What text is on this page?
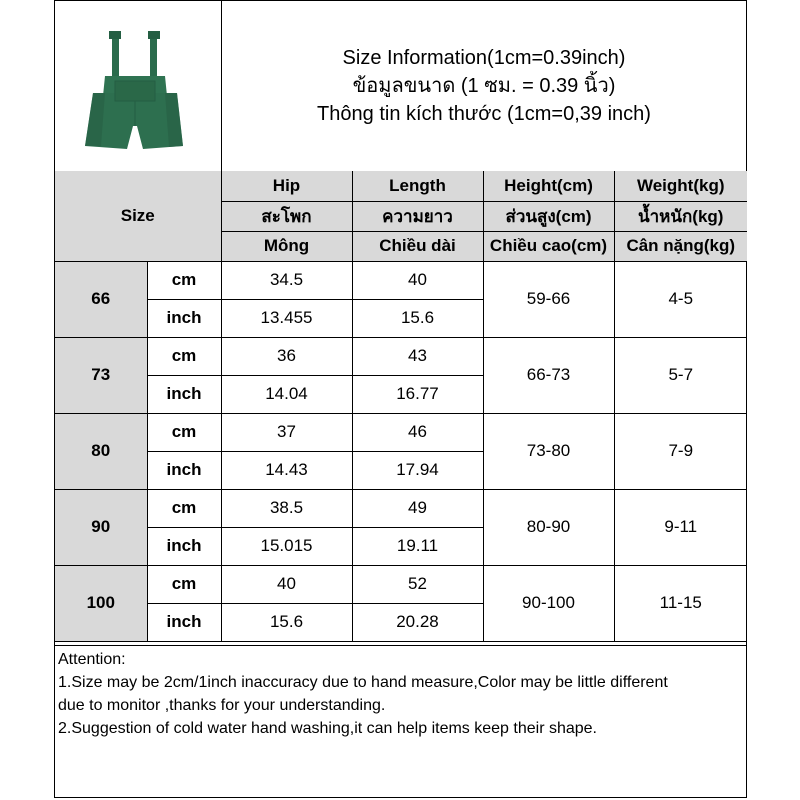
Size Information(1cm=0.39inch)
ข้อมูลขนาด (1 ซม. = 0.39 นิ้ว)
Thông tin kích thước (1cm=0,39 inch)
Size		Hip	Length	Height(cm)	Weight(kg)
		สะโพก	ความยาว	ส่วนสูง(cm)	น้ำหนัก(kg)
		Mông	Chiều dài	Chiều cao(cm)	Cân nặng(kg)
66	cm	34.5	40	59-66	4-5
	inch	13.455	15.6		
73	cm	36	43	66-73	5-7
	inch	14.04	16.77		
80	cm	37	46	73-80	7-9
	inch	14.43	17.94		
90	cm	38.5	49	80-90	9-11
	inch	15.015	19.11		
100	cm	40	52	90-100	11-15
	inch	15.6	20.28		
Attention:
1.Size may be 2cm/1inch inaccuracy due to hand measure,Color may be little different
due to monitor ,thanks for your understanding.
2.Suggestion of cold water hand washing,it can help items keep their shape.
